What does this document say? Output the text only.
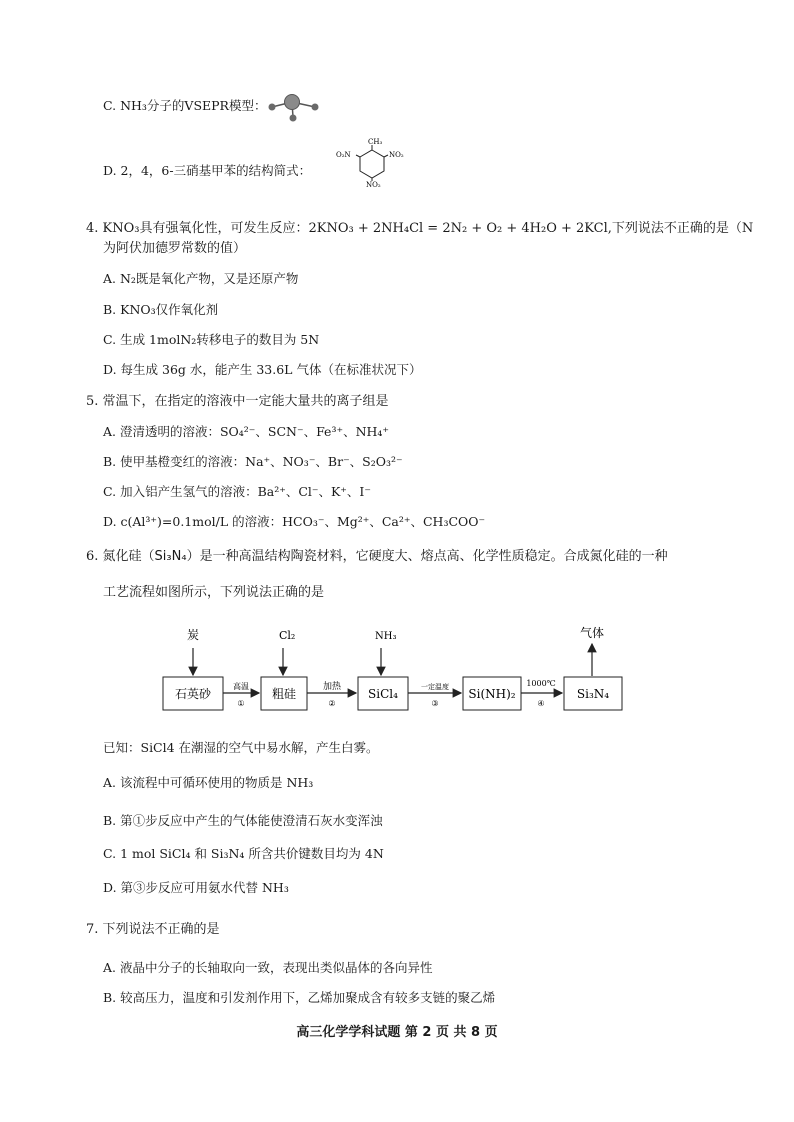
C. NH₃分子的VSEPR模型：
D. 2，4，6-三硝基甲苯的结构简式：
CH₃
O₂N	NO₂
NO₂
4. KNO₃具有强氧化性，可发生反应：2KNO₃ + 2NH₄Cl = 2N₂ + O₂ + 4H₂O + 2KCl,下列说法不正确的是（N
为阿伏加德罗常数的值）
A. N₂既是氧化产物，又是还原产物
B. KNO₃仅作氧化剂
C. 生成 1molN₂转移电子的数目为 5N
D. 每生成 36g 水，能产生 33.6L 气体（在标准状况下）
5. 常温下，在指定的溶液中一定能大量共的离子组是
A. 澄清透明的溶液：SO₄²⁻、SCN⁻、Fe³⁺、NH₄⁺
B. 使甲基橙变红的溶液：Na⁺、NO₃⁻、Br⁻、S₂O₃²⁻
C. 加入铝产生氢气的溶液：Ba²⁺、Cl⁻、K⁺、I⁻
D. c(Al³⁺)=0.1mol/L 的溶液：HCO₃⁻、Mg²⁺、Ca²⁺、CH₃COO⁻
6. 氮化硅（Si₃N₄）是一种高温结构陶瓷材料，它硬度大、熔点高、化学性质稳定。合成氮化硅的一种
工艺流程如图所示，下列说法正确的是
炭	Cl₂	NH₃	气体
石英砂	粗硅	SiCl₄	Si(NH)₂	Si₃N₄
高温	加热	一定温度	1000℃
①	②	③	④
已知：SiCl4 在潮湿的空气中易水解，产生白雾。
A. 该流程中可循环使用的物质是 NH₃
B. 第①步反应中产生的气体能使澄清石灰水变浑浊
C. 1 mol SiCl₄ 和 Si₃N₄ 所含共价键数目均为 4N
D. 第③步反应可用氨水代替 NH₃
7. 下列说法不正确的是
A. 液晶中分子的长轴取向一致，表现出类似晶体的各向异性
B. 较高压力，温度和引发剂作用下，乙烯加聚成含有较多支链的聚乙烯
高三化学学科试题 第 2 页 共 8 页
